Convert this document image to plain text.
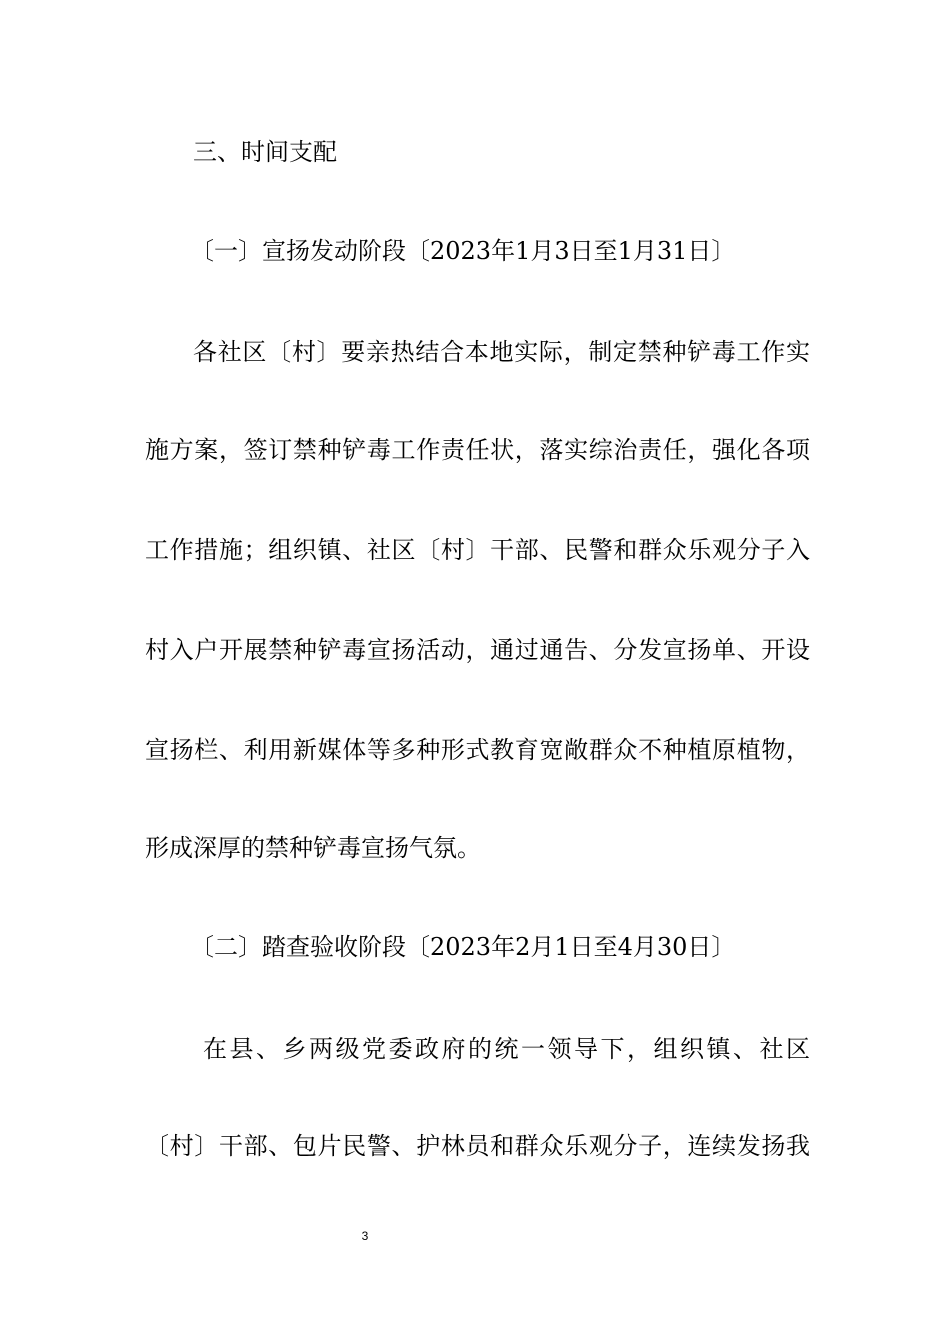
三、时间支配
〔一〕宣扬发动阶段〔2023年1月3日至1月31日〕
各社区〔村〕要亲热结合本地实际，制定禁种铲毒工作实
施方案，签订禁种铲毒工作责任状，落实综治责任，强化各项
工作措施；组织镇、社区〔村〕干部、民警和群众乐观分子入
村入户开展禁种铲毒宣扬活动，通过通告、分发宣扬单、开设
宣扬栏、利用新媒体等多种形式教育宽敞群众不种植原植物，
形成深厚的禁种铲毒宣扬气氛。
〔二〕踏查验收阶段〔2023年2月1日至4月30日〕
在县、乡两级党委政府的统一领导下，组织镇、社区
〔村〕干部、包片民警、护林员和群众乐观分子，连续发扬我
3
